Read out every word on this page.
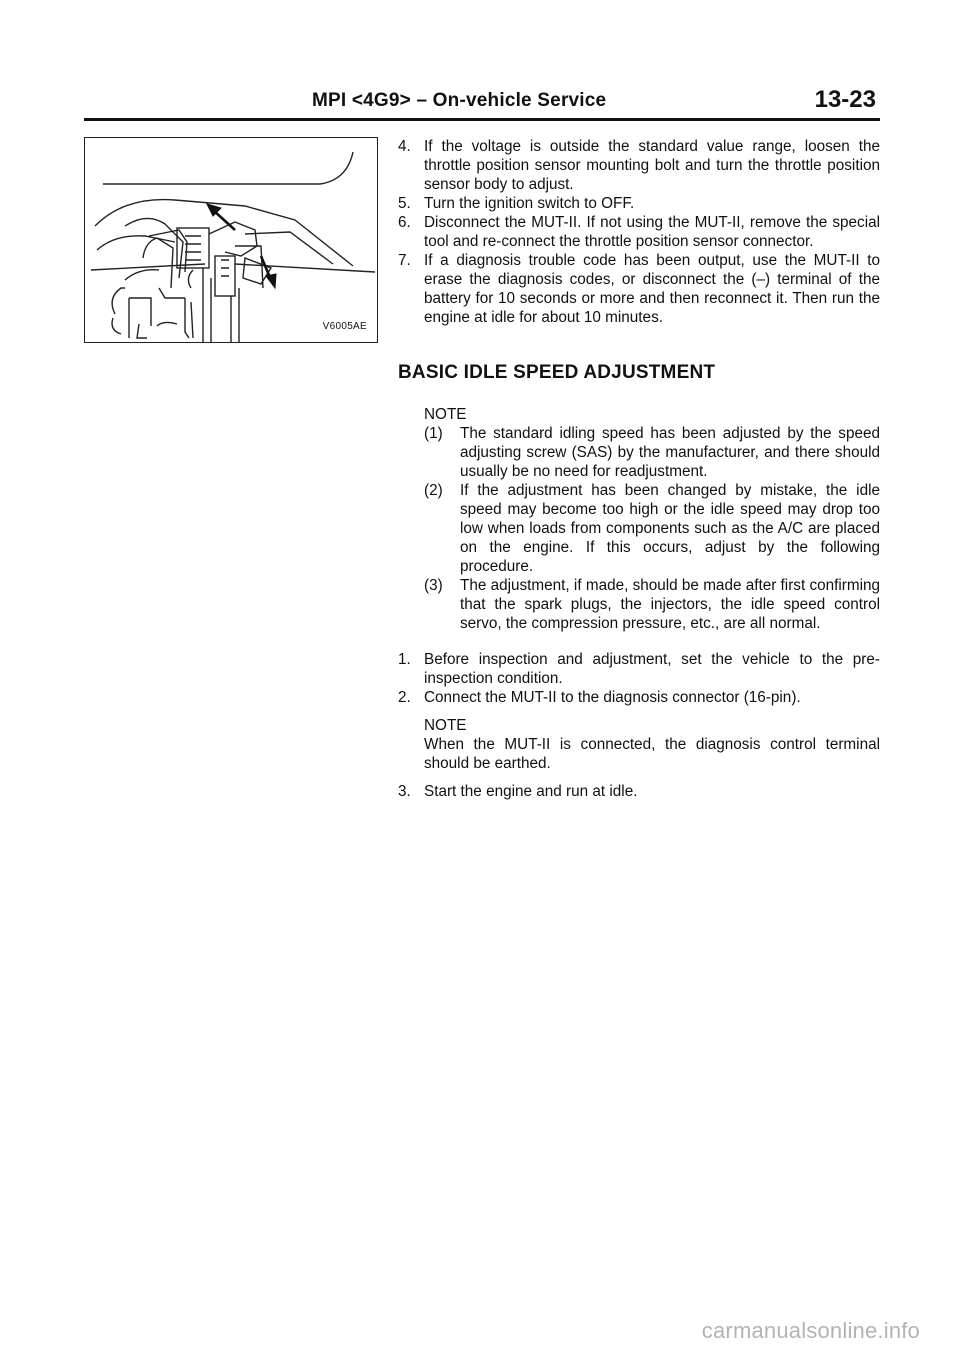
MPI <4G9> – On-vehicle Service	13-23
V6005AE

4. If the voltage is outside the standard value range, loosen the throttle position sensor mounting bolt and turn the throttle position sensor body to adjust.

5. Turn the ignition switch to OFF.

6. Disconnect the MUT-II. If not using the MUT-II, remove the special tool and re-connect the throttle position sensor connector.

7. If a diagnosis trouble code has been output, use the MUT-II to erase the diagnosis codes, or disconnect the (–) terminal of the battery for 10 seconds or more and then reconnect it. Then run the engine at idle for about 10 minutes.

BASIC IDLE SPEED ADJUSTMENT

NOTE

(1) The standard idling speed has been adjusted by the speed adjusting screw (SAS) by the manufacturer, and there should usually be no need for readjustment.

(2) If the adjustment has been changed by mistake, the idle speed may become too high or the idle speed may drop too low when loads from components such as the A/C are placed on the engine. If this occurs, adjust by the following procedure.

(3) The adjustment, if made, should be made after first confirming that the spark plugs, the injectors, the idle speed control servo, the compression pressure, etc., are all normal.

1. Before inspection and adjustment, set the vehicle to the pre-inspection condition.

2. Connect the MUT-II to the diagnosis connector (16-pin).

NOTE

When the MUT-II is connected, the diagnosis control terminal should be earthed.

3. Start the engine and run at idle.

carmanualsonline.info
